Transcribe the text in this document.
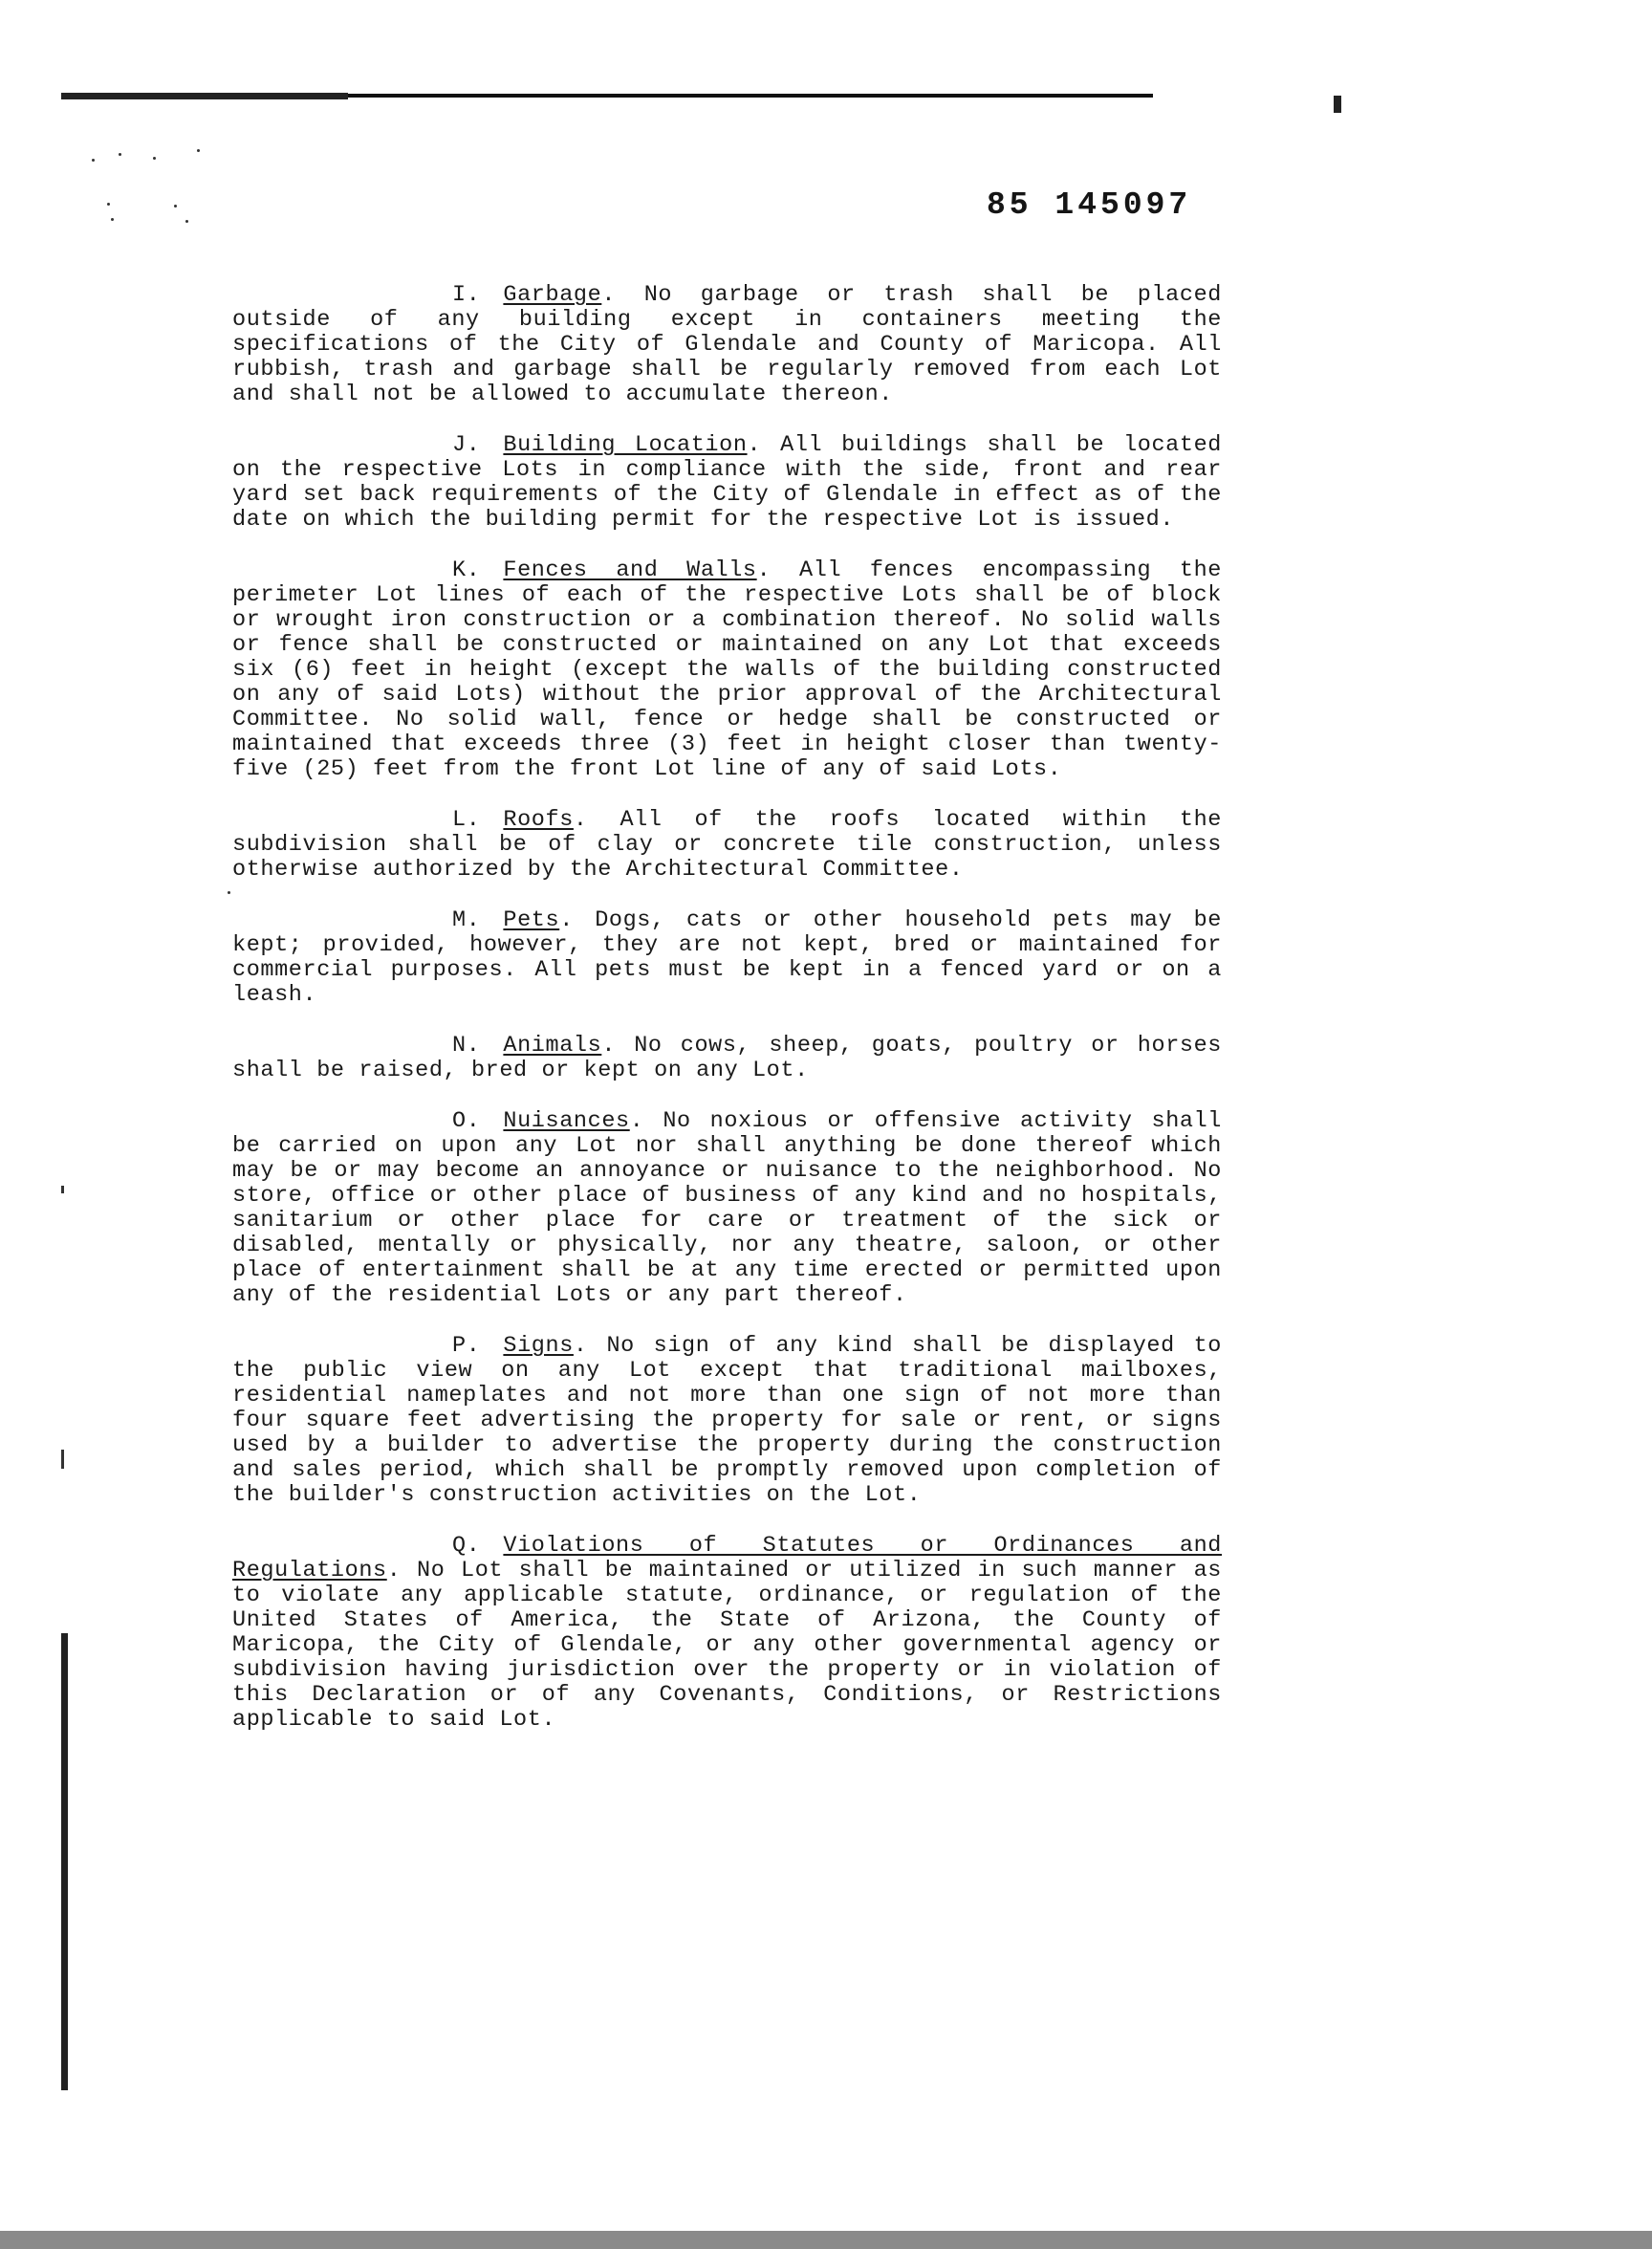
85 145097

I. Garbage. No garbage or trash shall be placed outside of any building except in containers meeting the specifications of the City of Glendale and County of Maricopa. All rubbish, trash and garbage shall be regularly removed from each Lot and shall not be allowed to accumulate thereon.

J. Building Location. All buildings shall be located on the respective Lots in compliance with the side, front and rear yard set back requirements of the City of Glendale in effect as of the date on which the building permit for the respective Lot is issued.

K. Fences and Walls. All fences encompassing the perimeter Lot lines of each of the respective Lots shall be of block or wrought iron construction or a combination thereof. No solid walls or fence shall be constructed or maintained on any Lot that exceeds six (6) feet in height (except the walls of the building constructed on any of said Lots) without the prior approval of the Architectural Committee. No solid wall, fence or hedge shall be constructed or maintained that exceeds three (3) feet in height closer than twenty-five (25) feet from the front Lot line of any of said Lots.

L. Roofs. All of the roofs located within the subdivision shall be of clay or concrete tile construction, unless otherwise authorized by the Architectural Committee.

M. Pets. Dogs, cats or other household pets may be kept; provided, however, they are not kept, bred or maintained for commercial purposes. All pets must be kept in a fenced yard or on a leash.

N. Animals. No cows, sheep, goats, poultry or horses shall be raised, bred or kept on any Lot.

O. Nuisances. No noxious or offensive activity shall be carried on upon any Lot nor shall anything be done thereof which may be or may become an annoyance or nuisance to the neighborhood. No store, office or other place of business of any kind and no hospitals, sanitarium or other place for care or treatment of the sick or disabled, mentally or physically, nor any theatre, saloon, or other place of entertainment shall be at any time erected or permitted upon any of the residential Lots or any part thereof.

P. Signs. No sign of any kind shall be displayed to the public view on any Lot except that traditional mailboxes, residential nameplates and not more than one sign of not more than four square feet advertising the property for sale or rent, or signs used by a builder to advertise the property during the construction and sales period, which shall be promptly removed upon completion of the builder's construction activities on the Lot.

Q. Violations of Statutes or Ordinances and Regulations. No Lot shall be maintained or utilized in such manner as to violate any applicable statute, ordinance, or regulation of the United States of America, the State of Arizona, the County of Maricopa, the City of Glendale, or any other governmental agency or subdivision having jurisdiction over the property or in violation of this Declaration or of any Covenants, Conditions, or Restrictions applicable to said Lot.
